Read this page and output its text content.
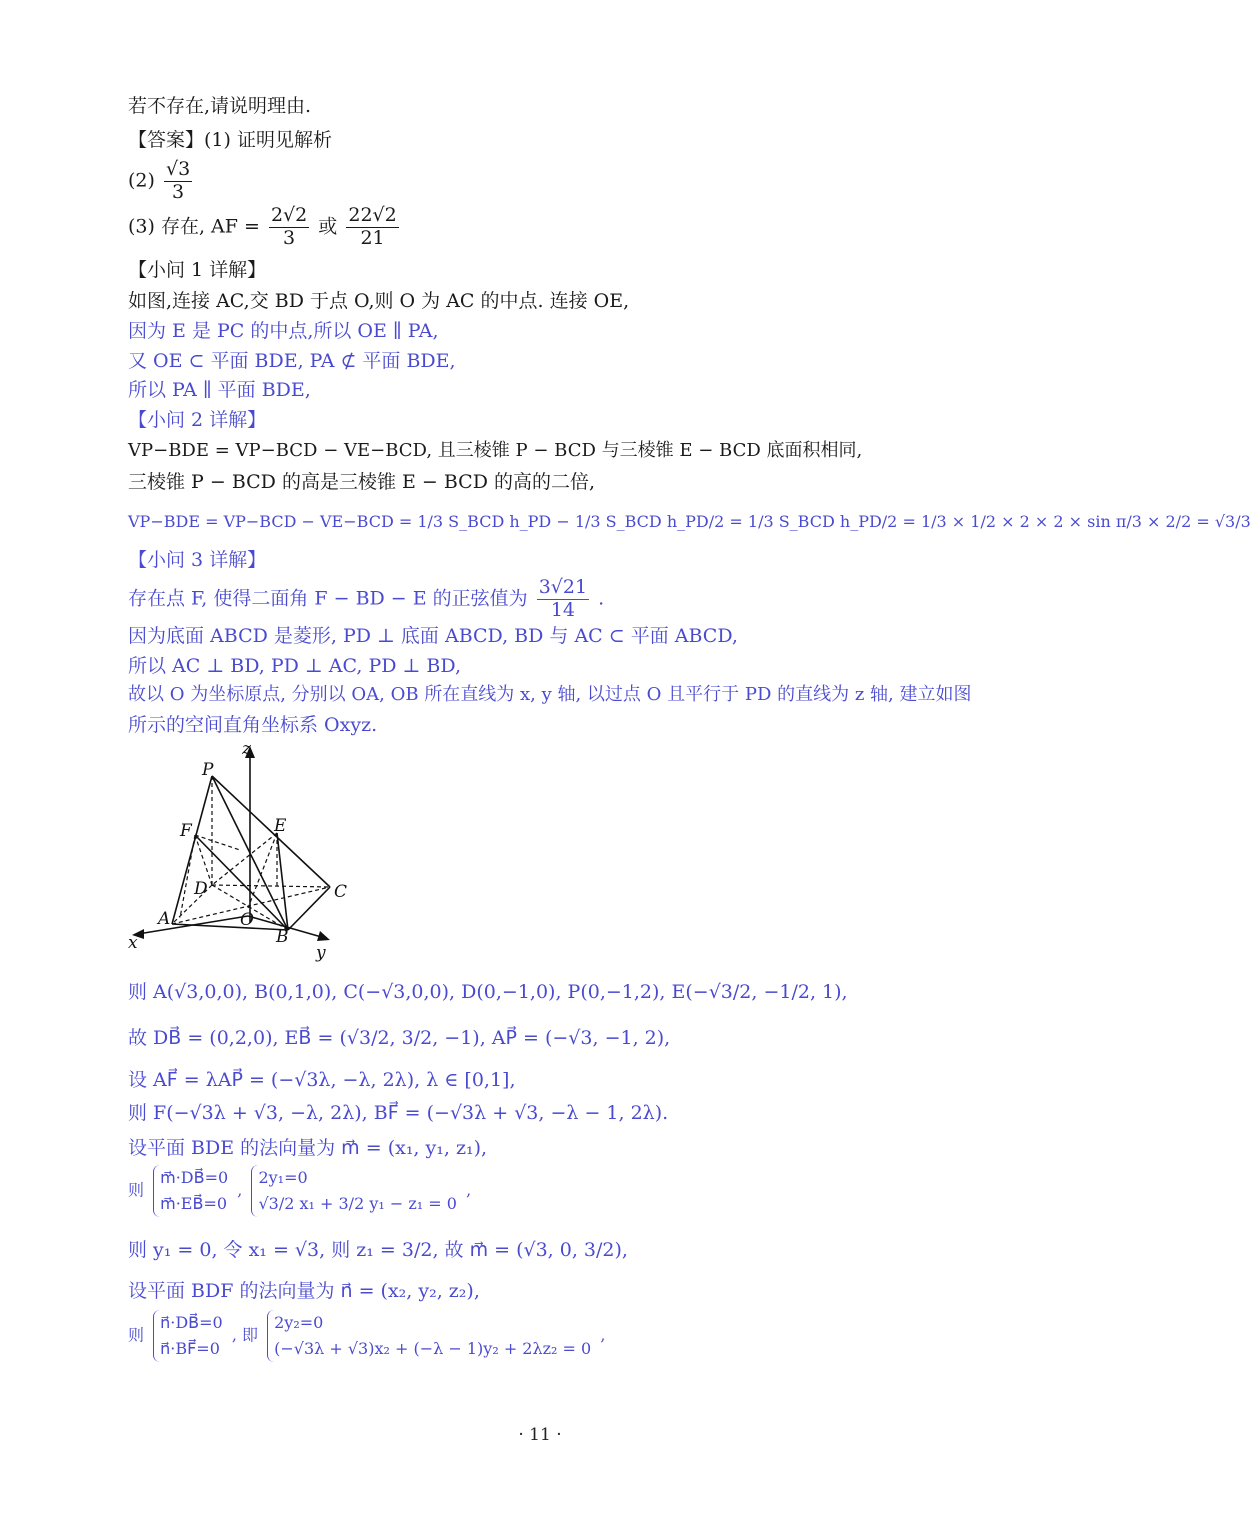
若不存在,请说明理由.
【答案】(1) 证明见解析
$(2) \frac{√3}{3}$
(3) 存在, AF = $\frac{2√2}{3}$ 或 $\frac{22√2}{21}$
【小问 1 详解】
如图,连接 AC,交 BD 于点 O,则 O 为 AC 的中点. 连接 OE,
因为 E 是 PC 的中点,所以 OE ∥ PA,
又 OE ⊂ 平面 BDE, PA ⊄ 平面 BDE,
所以 PA ∥ 平面 BDE,
【小问 2 详解】
VP−BDE = VP−BCD − VE−BCD, 且三棱锥 P − BCD 与三棱锥 E − BCD 底面积相同,
三棱锥 P − BCD 的高是三棱锥 E − BCD 的高的二倍,
VP−BDE = VP−BCD − VE−BCD = 1/3 S_BCD h_PD − 1/3 S_BCD h_PD/2 = 1/3 S_BCD h_PD/2 = 1/3 × 1/2 × 2 × 2 × sin π/3 × 2/2 = √3/3
【小问 3 详解】
存在点 F, 使得二面角 F − BD − E 的正弦值为 $\frac{3√21}{14}$ .
因为底面 ABCD 是菱形, PD ⊥ 底面 ABCD, BD 与 AC ⊂ 平面 ABCD,
所以 AC ⊥ BD, PD ⊥ AC, PD ⊥ BD,
故以 O 为坐标原点, 分别以 OA, OB 所在直线为 x, y 轴, 以过点 O 且平行于 PD 的直线为 z 轴, 建立如图
所示的空间直角坐标系 Oxyz.
z
P
F	E
D	C
A	O
B
x	y
则 A(√3,0,0), B(0,1,0), C(−√3,0,0), D(0,−1,0), P(0,−1,2), E(−√3/2, −1/2, 1),
故 DB⃗ = (0,2,0), EB⃗ = (√3/2, 3/2, −1), AP⃗ = (−√3, −1, 2),
设 AF⃗ = λAP⃗ = (−√3λ, −λ, 2λ), λ ∈ [0,1],
则 F(−√3λ + √3, −λ, 2λ), BF⃗ = (−√3λ + √3, −λ − 1, 2λ).
设平面 BDE 的法向量为 m⃗ = (x₁, y₁, z₁),
则
m⃗·DB⃗=0
m⃗·EB⃗=0
,
2y₁=0
√3/2 x₁ + 3/2 y₁ − z₁ = 0
,
则 y₁ = 0, 令 x₁ = √3, 则 z₁ = 3/2, 故 m⃗ = (√3, 0, 3/2),
设平面 BDF 的法向量为 n⃗ = (x₂, y₂, z₂),
则
n⃗·DB⃗=0
n⃗·BF⃗=0
, 即
2y₂=0
(−√3λ + √3)x₂ + (−λ − 1)y₂ + 2λz₂ = 0
,
· 11 ·
